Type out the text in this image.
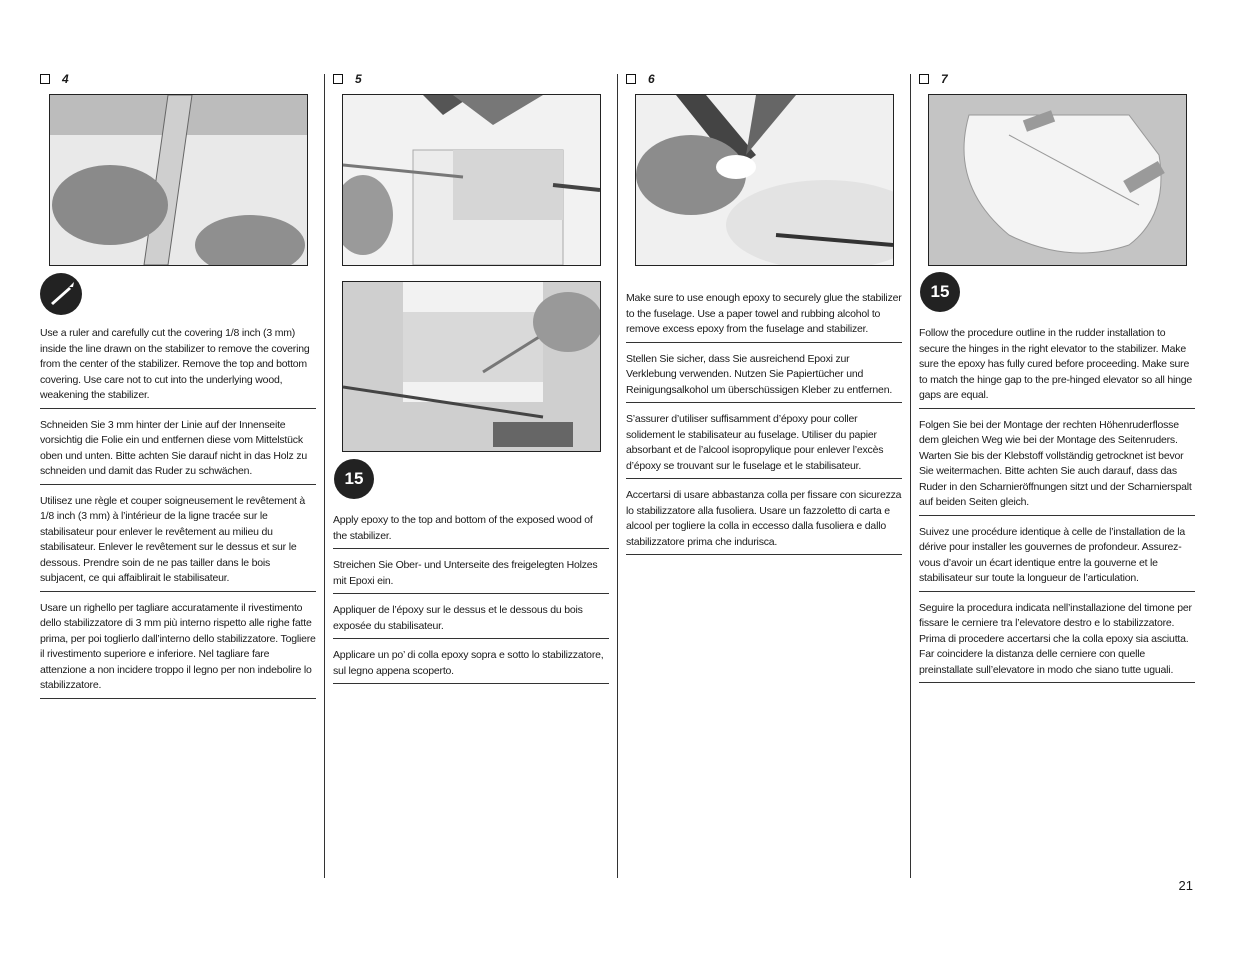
4
Use a ruler and carefully cut the covering 1/8 inch (3 mm) inside the line drawn on the stabilizer to remove the covering from the center of the stabilizer. Remove the top and bottom covering. Use care not to cut into the underlying wood, weakening the stabilizer.
Schneiden Sie 3 mm hinter der Linie auf der Innenseite vorsichtig die Folie ein und entfernen diese vom Mittelstück oben und unten. Bitte achten Sie darauf nicht in das Holz zu schneiden und damit das Ruder zu schwächen.
Utilisez une règle et couper soigneusement le revêtement à 1/8 inch (3 mm) à l’intérieur de la ligne tracée sur le stabilisateur pour enlever le revêtement au milieu du stabilisateur. Enlever le revêtement sur le dessus et sur le dessous. Prendre soin de ne pas tailler dans le bois subjacent, ce qui affaiblirait le stabilisateur.
Usare un righello per tagliare accuratamente il rivestimento dello stabilizzatore di 3 mm più interno rispetto alle righe fatte prima, per poi toglierlo dall’interno dello stabilizzatore. Togliere il rivestimento superiore e inferiore. Nel tagliare fare attenzione a non incidere troppo il legno per non indebolire lo stabilizzatore.
5
15
Apply epoxy to the top and bottom of the exposed wood of the stabilizer.
Streichen Sie Ober- und Unterseite des freigelegten Holzes mit Epoxi ein.
Appliquer de l’époxy sur le dessus et le dessous du bois exposée du stabilisateur.
Applicare un po’ di colla epoxy sopra e sotto lo stabilizzatore, sul legno appena scoperto.
6
Make sure to use enough epoxy to securely glue the stabilizer to the fuselage. Use a paper towel and rubbing alcohol to remove excess epoxy from the fuselage and stabilizer.
Stellen Sie sicher, dass Sie ausreichend Epoxi zur Verklebung verwenden. Nutzen Sie Papiertücher und Reinigungsalkohol um überschüssigen Kleber zu entfernen.
S’assurer d’utiliser suffisamment d’époxy pour coller solidement le stabilisateur au fuselage. Utiliser du papier absorbant et de l’alcool isopropylique pour enlever l’excès d’époxy se trouvant sur le fuselage et le stabilisateur.
Accertarsi di usare abbastanza colla per fissare con sicurezza lo stabilizzatore alla fusoliera. Usare un fazzoletto di carta e alcool per togliere la colla in eccesso dalla fusoliera e dallo stabilizzatore prima che indurisca.
7
15
Follow the procedure outline in the rudder installation to secure the hinges in the right elevator to the stabilizer. Make sure the epoxy has fully cured before proceeding. Make sure to match the hinge gap to the pre-hinged elevator so all hinge gaps are equal.
Folgen Sie bei der Montage der rechten Höhenruderflosse dem gleichen Weg wie bei der Montage des Seitenruders. Warten Sie bis der Klebstoff vollständig getrocknet ist bevor Sie weitermachen. Bitte achten Sie auch darauf, dass das Ruder in den Scharnieröffnungen sitzt und der Scharnierspalt auf beiden Seiten gleich.
Suivez une procédure identique à celle de l’installation de la dérive pour installer les gouvernes de profondeur. Assurez-vous d’avoir un écart identique entre la gouverne et le stabilisateur sur toute la longueur de l’articulation.
Seguire la procedura indicata nell’installazione del timone per fissare le cerniere tra l’elevatore destro e lo stabilizzatore. Prima di procedere accertarsi che la colla epoxy sia asciutta. Far coincidere la distanza delle cerniere con quelle preinstallate sull’elevatore in modo che siano tutte uguali.
21
